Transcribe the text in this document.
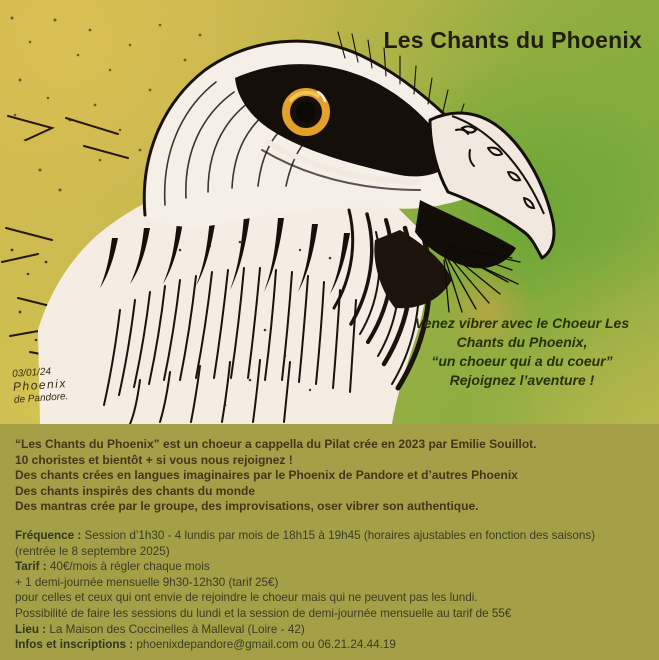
Les Chants du Phoenix
Venez vibrer avec le Choeur Les
Chants du Phoenix,
“un choeur qui a du coeur”
Rejoignez l’aventure !
03/01/24
Phoenix
de Pandore.
“Les Chants du Phoenix” est un choeur a cappella du Pilat crée en 2023 par Emilie Souillot.
10 choristes et bientôt + si vous nous rejoignez !
Des chants crées en langues imaginaires par le Phoenix de Pandore et d’autres Phoenix
Des chants inspirés des chants du monde
Des mantras crée par le groupe, des improvisations, oser vibrer son authentique.
Fréquence : Session d’1h30 - 4 lundis par mois de 18h15 à 19h45 (horaires ajustables en fonction des saisons)
(rentrée le 8 septembre 2025)
Tarif : 40€/mois à régler chaque mois
+ 1 demi-journée mensuelle 9h30-12h30 (tarif 25€)
pour celles et ceux qui ont envie de rejoindre le choeur mais qui ne peuvent pas les lundi.
Possibilité de faire les sessions du lundi et la session de demi-journée mensuelle au tarif de 55€
Lieu : La Maison des Coccinelles à Malleval (Loire - 42)
Infos et inscriptions : phoenixdepandore@gmail.com ou 06.21.24.44.19
